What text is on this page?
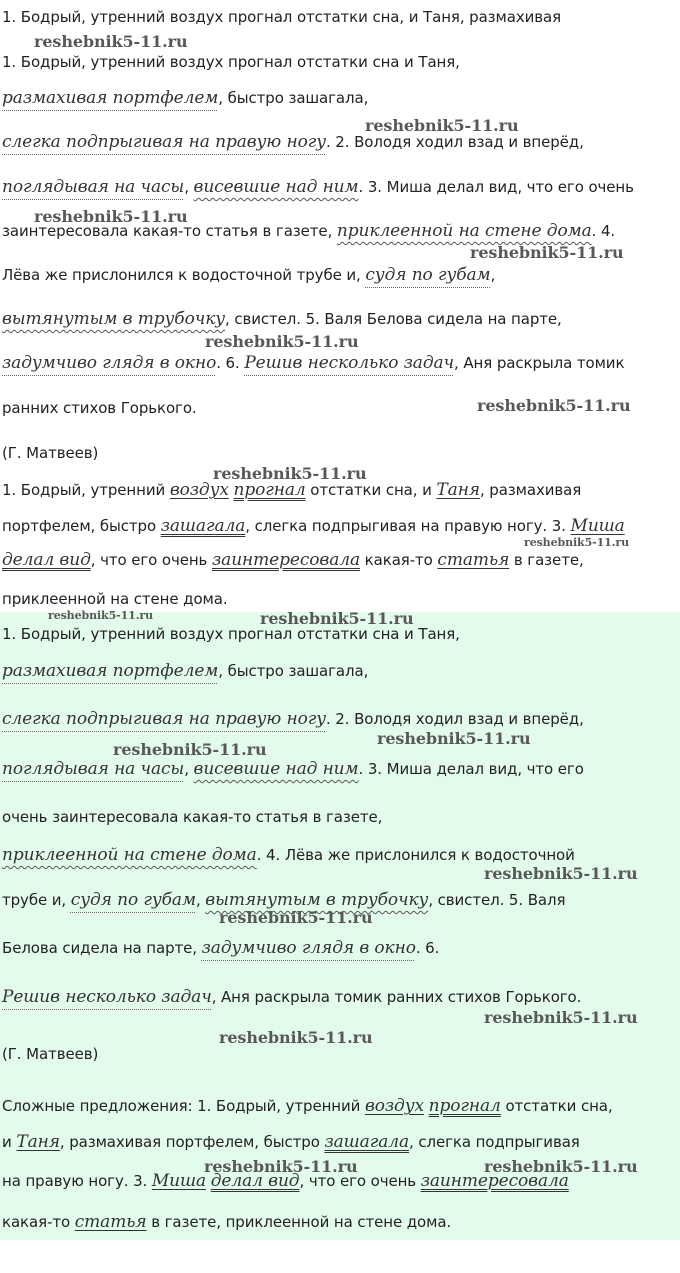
1. Бодрый, утренний воздух прогнал отстатки сна, и Таня, размахивая
1. Бодрый, утренний воздух прогнал отстатки сна и Таня,
размахивая портфелем, быстро зашагала,
слегка подпрыгивая на правую ногу. 2. Володя ходил взад и вперёд,
поглядывая на часы, висевшие над ним. 3. Миша делал вид, что его очень
заинтересовала какая-то статья в газете, приклеенной на стене дома. 4.
Лёва же прислонился к водосточной трубе и, судя по губам,
вытянутым в трубочку, свистел. 5. Валя Белова сидела на парте,
задумчиво глядя в окно. 6. Решив несколько задач, Аня раскрыла томик
ранних стихов Горького.
(Г. Матвеев)
1. Бодрый, утренний воздух прогнал отстатки сна, и Таня, размахивая
портфелем, быстро зашагала, слегка подпрыгивая на правую ногу. 3. Миша
делал вид, что его очень заинтересовала какая-то статья в газете,
приклеенной на стене дома.
1. Бодрый, утренний воздух прогнал отстатки сна и Таня,
размахивая портфелем, быстро зашагала,
слегка подпрыгивая на правую ногу. 2. Володя ходил взад и вперёд,
поглядывая на часы, висевшие над ним. 3. Миша делал вид, что его
очень заинтересовала какая-то статья в газете,
приклеенной на стене дома. 4. Лёва же прислонился к водосточной
трубе и, судя по губам, вытянутым в трубочку, свистел. 5. Валя
Белова сидела на парте, задумчиво глядя в окно. 6.
Решив несколько задач, Аня раскрыла томик ранних стихов Горького.
(Г. Матвеев)
Сложные предложения: 1. Бодрый, утренний воздух прогнал отстатки сна,
и Таня, размахивая портфелем, быстро зашагала, слегка подпрыгивая
на правую ногу. 3. Миша делал вид, что его очень заинтересовала
какая-то статья в газете, приклеенной на стене дома.
reshebnik5-11.ru
reshebnik5-11.ru
reshebnik5-11.ru
reshebnik5-11.ru
reshebnik5-11.ru
reshebnik5-11.ru
reshebnik5-11.ru
reshebnik5-11.ru
reshebnik5-11.ru	reshebnik5-11.ru
reshebnik5-11.ru
reshebnik5-11.ru
reshebnik5-11.ru
reshebnik5-11.ru
reshebnik5-11.ru
reshebnik5-11.ru
reshebnik5-11.ru	reshebnik5-11.ru
